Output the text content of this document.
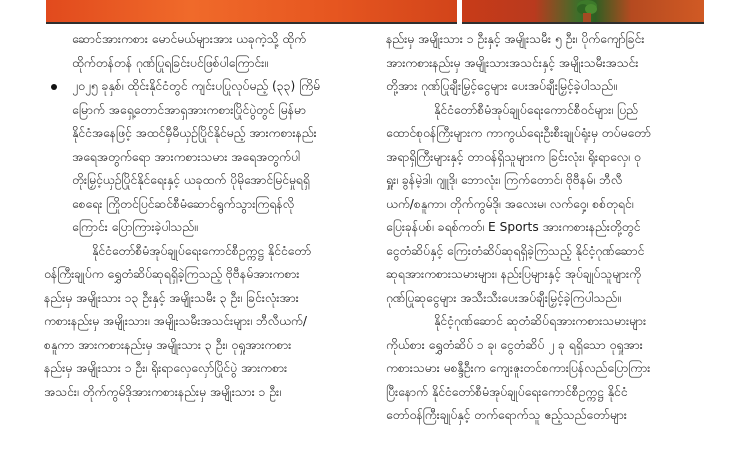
ဆောင်အားကစား မောင်မယ်များအား ယခုကဲ့သို့ ထိုက်
ထိုက်တန်တန် ဂုဏ်ပြုရခြင်းပင်ဖြစ်ပါကြောင်း။
၂၀၂၅ ခုနှစ်၊ ထိုင်းနိုင်ငံတွင် ကျင်းပပြုလုပ်မည့် (၃၃) ကြိမ်
မြောက် အရှေ့တောင်အာရှအားကစားပြိုင်ပွဲတွင် မြန်မာ
နိုင်ငံအနေဖြင့် အထင်မှီမီယှဉ်ပြိုင်နိုင်မည့် အားကစားနည်း
အရေအတွက်ရော အားကစားသမား အရေအတွက်ပါ
တိုးမြှင့်ယှဉ်ပြိုင်နိုင်ရေးနှင့် ယခုထက် ပိုမိုအောင်မြင်မှုရရှိ
စေရေး ကြိုတင်ပြင်ဆင်စီမံဆောင်ရွက်သွားကြရန်လို
ကြောင်း ပြောကြားခဲ့ပါသည်။
နိုင်ငံတော်စီမံအုပ်ချုပ်ရေးကောင်စီဥက္ကဋ္ဌ နိုင်ငံတော်
ဝန်ကြီးချုပ်က ရွှေတံဆိပ်ဆုရရှိခဲ့ကြသည့် ဗိုဗီနမ်အားကစား
နည်းမှ အမျိုးသား ၁၃ ဦးနှင့် အမျိုးသမီး ၃ ဦး၊ ခြင်းလုံးအား
ကစားနည်းမှ အမျိုးသား၊ အမျိုးသမီးအသင်းများ၊ ဘီလီယက်/
စနူကာ အားကစားနည်းမှ အမျိုးသား ၃ ဦး၊ ဝုရှုအားကစား
နည်းမှ အမျိုးသား ၁ ဦး၊ ရိုးရာလှေလှော်ပြိုင်ပွဲ အားကစား
အသင်း၊ တိုက်ကွမ်ဒိုအားကစားနည်းမှ အမျိုးသား ၁ ဦး၊
နည်းမှ အမျိုးသား ၁ ဦးနှင့် အမျိုးသမီး ၅ ဦး၊ ပိုက်ကျော်ခြင်း
အားကစားနည်းမှ အမျိုးသားအသင်းနှင့် အမျိုးသမီးအသင်း
တို့အား ဂုဏ်ပြုချီးမြှင့်ငွေများ ပေးအပ်ချီးမြှင့်ခဲ့ပါသည်။
နိုင်ငံတော်စီမံအုပ်ချုပ်ရေးကောင်စီဝင်များ၊ ပြည်
ထောင်စုဝန်ကြီးများက ကာကွယ်ရေးဦးစီးချုပ်ရုံးမှ တပ်မတော်
အရာရှိကြီးများနှင့် တာဝန်ရှိသူများက ခြင်းလုံး၊ ရိုးရာလှေ၊ ဝု
ရှူး၊ ခွန်မဲ့ဒါ၊ ဂျူဒို၊ ဘောလုံး၊ ကြက်တောင်၊ ဗိုဗီနမ်၊ ဘီလီ
ယက်/စနူကာ၊ တိုက်ကွမ်ဒို၊ အလေးမ၊ လက်ဝှေ့၊ စစ်တုရင်၊
ပြေးခုန်ပစ်၊ ခရစ်ကတ်၊ E Sports အားကစားနည်းတို့တွင်
ငွေတံဆိပ်နှင့် ကြေးတံဆိပ်ဆုရရှိခဲ့ကြသည့် နိုင်ငံ့ဂုဏ်ဆောင်
ဆုရအားကစားသမားများ၊ နည်းပြများနှင့် အုပ်ချုပ်သူများကို
ဂုဏ်ပြုဆုငွေများ အသီးသီးပေးအပ်ချီးမြှင့်ခဲ့ကြပါသည်။
နိုင်ငံ့ဂုဏ်ဆောင် ဆုတံဆိပ်ရအားကစားသမားများ
ကိုယ်စား ရွှေတံဆိပ် ၁ ခု၊ ငွေတံဆိပ် ၂ ခု ရရှိသော ဝုရှုအား
ကစားသမား မစန္ဒီဦးက ကျေးဇူးတင်စကားပြန်လည်ပြောကြား
ပြီးနောက် နိုင်ငံတော်စီမံအုပ်ချုပ်ရေးကောင်စီဥက္ကဋ္ဌ နိုင်ငံ
တော်ဝန်ကြီးချုပ်နှင့် တက်ရောက်သူ ဧည့်သည်တော်များ
